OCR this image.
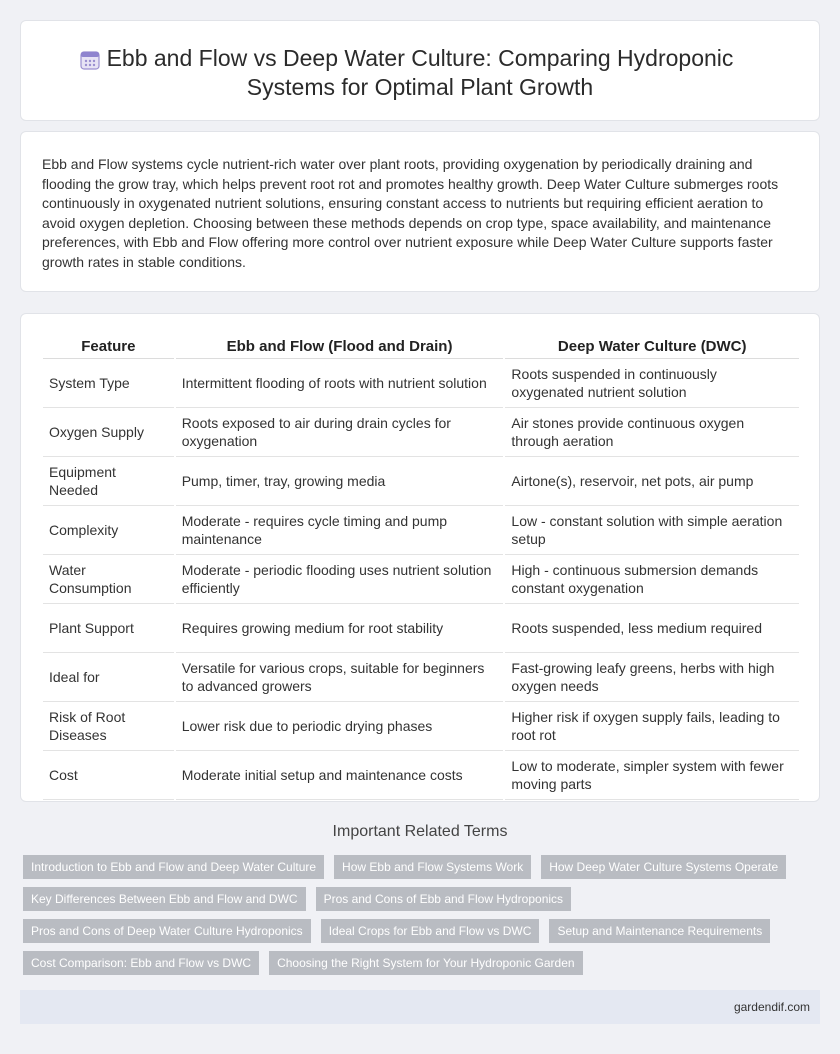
Ebb and Flow vs Deep Water Culture: Comparing Hydroponic
Systems for Optimal Plant Growth

Ebb and Flow systems cycle nutrient-rich water over plant roots, providing oxygenation by periodically draining and flooding the grow tray, which helps prevent root rot and promotes healthy growth. Deep Water Culture submerges roots continuously in oxygenated nutrient solutions, ensuring constant access to nutrients but requiring efficient aeration to avoid oxygen depletion. Choosing between these methods depends on crop type, space availability, and maintenance preferences, with Ebb and Flow offering more control over nutrient exposure while Deep Water Culture supports faster growth rates in stable conditions.

Feature	Ebb and Flow (Flood and Drain)	Deep Water Culture (DWC)
System Type	Intermittent flooding of roots with nutrient solution	Roots suspended in continuously oxygenated nutrient solution
Oxygen Supply	Roots exposed to air during drain cycles for oxygenation	Air stones provide continuous oxygen through aeration
Equipment Needed	Pump, timer, tray, growing media	Airtone(s), reservoir, net pots, air pump
Complexity	Moderate - requires cycle timing and pump maintenance	Low - constant solution with simple aeration setup
Water Consumption	Moderate - periodic flooding uses nutrient solution efficiently	High - continuous submersion demands constant oxygenation
Plant Support	Requires growing medium for root stability	Roots suspended, less medium required
Ideal for	Versatile for various crops, suitable for beginners to advanced growers	Fast-growing leafy greens, herbs with high oxygen needs
Risk of Root Diseases	Lower risk due to periodic drying phases	Higher risk if oxygen supply fails, leading to root rot
Cost	Moderate initial setup and maintenance costs	Low to moderate, simpler system with fewer moving parts
Important Related Terms
Introduction to Ebb and Flow and Deep Water Culture	How Ebb and Flow Systems Work	How Deep Water Culture Systems Operate
Key Differences Between Ebb and Flow and DWC	Pros and Cons of Ebb and Flow Hydroponics
Pros and Cons of Deep Water Culture Hydroponics	Ideal Crops for Ebb and Flow vs DWC	Setup and Maintenance Requirements
Cost Comparison: Ebb and Flow vs DWC	Choosing the Right System for Your Hydroponic Garden
gardendif.com
